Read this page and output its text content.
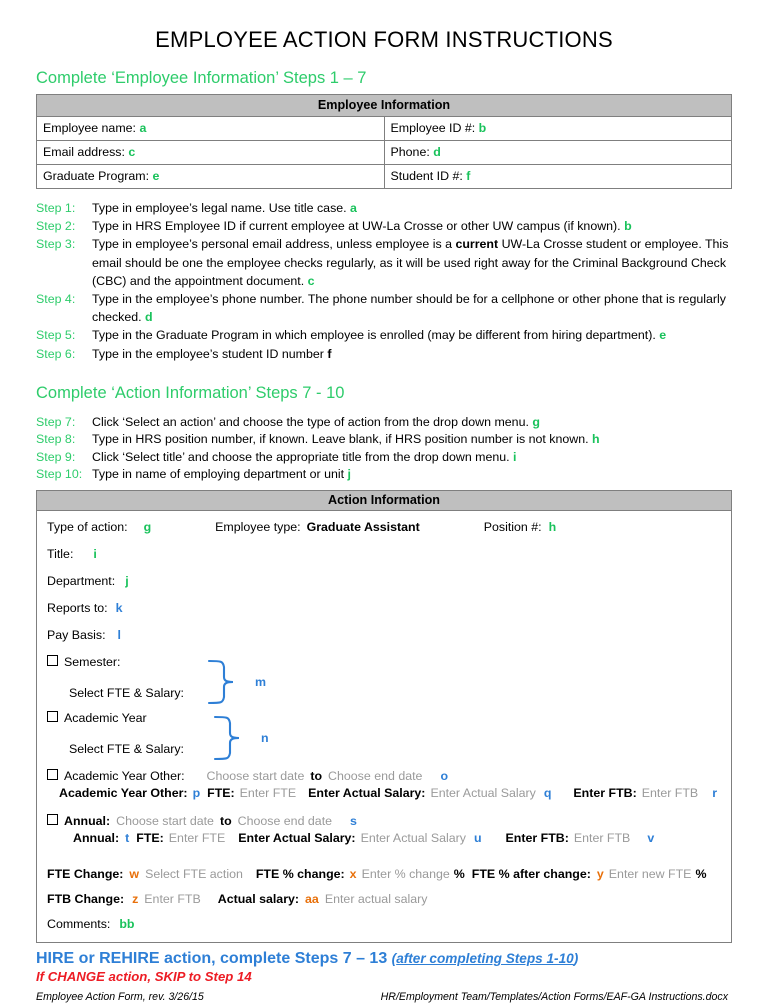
EMPLOYEE ACTION FORM INSTRUCTIONS
Complete ‘Employee Information’ Steps 1 – 7
Employee Information	
Employee name: a	Employee ID #: b
Email address: c	Phone: d
Graduate Program: e	Student ID #: f
Step 1:	Type in employee’s legal name. Use title case. a
Step 2:	Type in HRS Employee ID if current employee at UW-La Crosse or other UW campus (if known). b
Step 3:	Type in employee’s personal email address, unless employee is a current UW-La Crosse student or employee. This email should be one the employee checks regularly, as it will be used right away for the Criminal Background Check (CBC) and the appointment document. c
Step 4:	Type in the employee’s phone number. The phone number should be for a cellphone or other phone that is regularly checked. d
Step 5:	Type in the Graduate Program in which employee is enrolled (may be different from hiring department). e
Step 6:	Type in the employee’s student ID number f
Complete ‘Action Information’ Steps 7 - 10
Step 7:	Click ‘Select an action’ and choose the type of action from the drop down menu. g
Step 8:	Type in HRS position number, if known. Leave blank, if HRS position number is not known. h
Step 9:	Click ‘Select title’ and choose the appropriate title from the drop down menu. i
Step 10: Type in name of employing department or unit j
Action Information
Type of action: g	Employee type: Graduate Assistant	Position #: h
Title: i
Department: j
Reports to: k
Pay Basis: l
Semester:
Select FTE & Salary:
m
Academic Year
Select FTE & Salary:
n
Academic Year Other: Choose start date to Choose end date o
Academic Year Other: p FTE: Enter FTE Enter Actual Salary: Enter Actual Salary q Enter FTB: Enter FTB r
Annual: Choose start date to Choose end date s
Annual: t FTE: Enter FTE Enter Actual Salary: Enter Actual Salary u Enter FTB: Enter FTB v
FTE Change: w Select FTE action FTE % change: x Enter % change % FTE % after change: y Enter new FTE %
FTB Change: z Enter FTB Actual salary: aa Enter actual salary
Comments: bb
HIRE or REHIRE action, complete Steps 7 – 13 (after completing Steps 1-10)
If CHANGE action, SKIP to Step 14
Employee Action Form, rev. 3/26/15	HR/Employment Team/Templates/Action Forms/EAF-GA Instructions.docx
